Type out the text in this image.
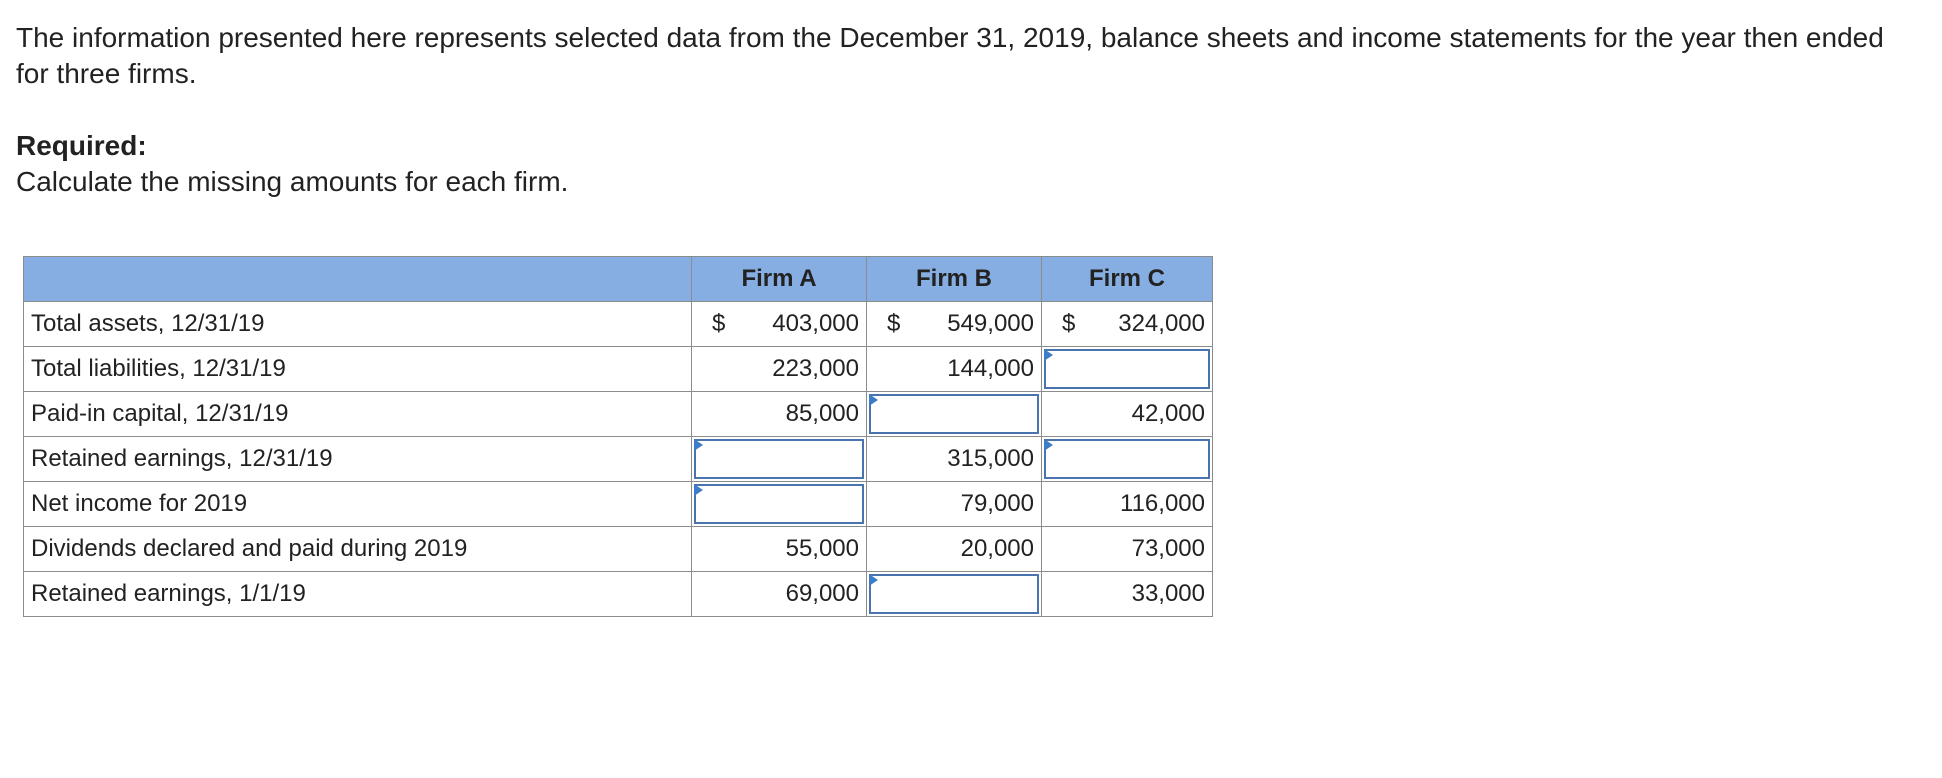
The information presented here represents selected data from the December 31, 2019, balance sheets and income statements for the year then ended for three firms.

Required:

Calculate the missing amounts for each firm.

	Firm A	Firm B	Firm C
Total assets, 12/31/19	$ 403,000	$ 549,000	$ 324,000
Total liabilities, 12/31/19	223,000	144,000	

Paid-in capital, 12/31/19	85,000		42,000
Retained earnings, 12/31/19		315,000	

Net income for 2019		79,000	116,000
Dividends declared and paid during 2019	55,000	20,000	73,000
Retained earnings, 1/1/19	69,000		33,000
